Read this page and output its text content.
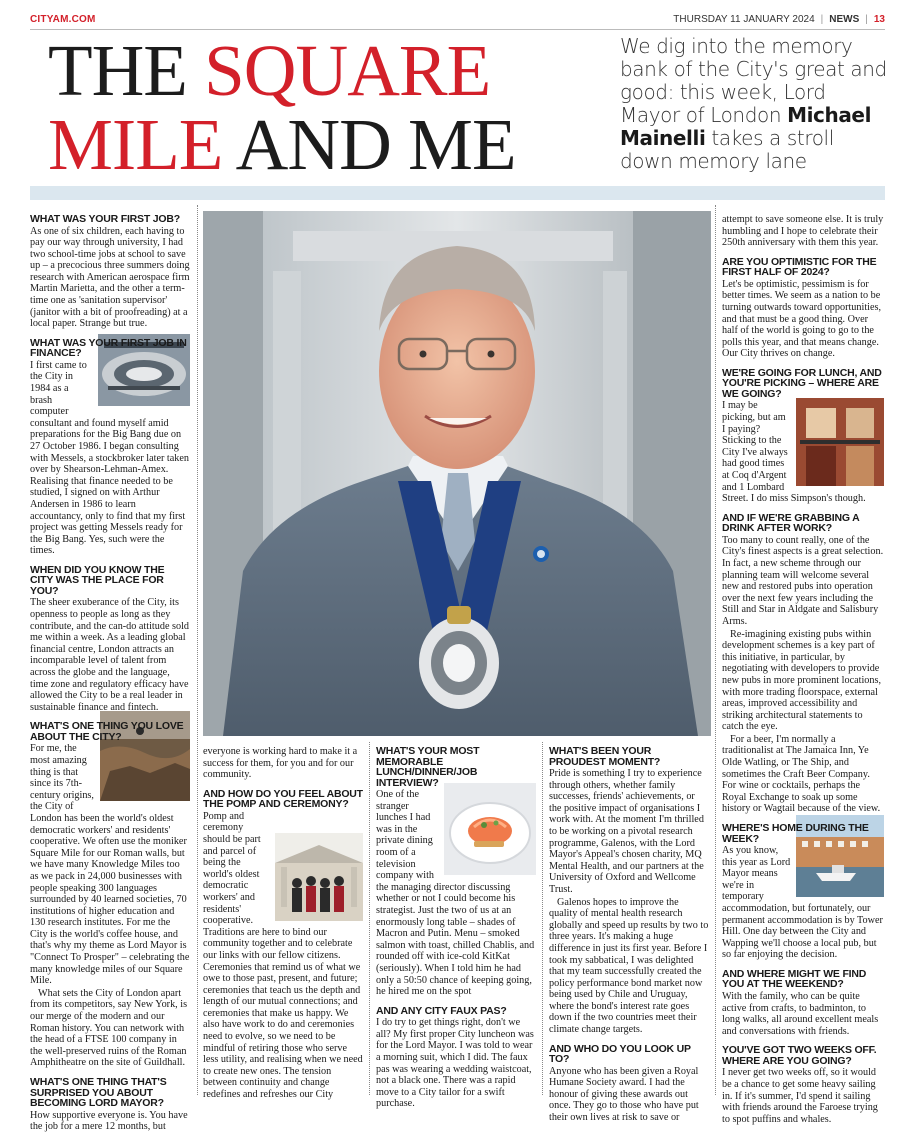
CITYAM.COM	THURSDAY 11 JANUARY 2024 | NEWS | 13
THE SQUARE
MILE AND ME
We dig into the memory bank of the City's great and good: this week, Lord Mayor of London Michael Mainelli takes a stroll down memory lane
WHAT WAS YOUR FIRST JOB?
As one of six children, each having to pay our way through university, I had two school-time jobs at school to save up – a precocious three summers doing research with American aerospace firm Martin Marietta, and the other a term-time one as 'sanitation supervisor' (janitor with a bit of proofreading) at a local paper. Strange but true.
WHAT WAS YOUR FIRST JOB IN FINANCE?
I first came to the City in 1984 as a brash computer consultant and found myself amid preparations for the Big Bang due on 27 October 1986. I began consulting with Messels, a stockbroker later taken over by Shearson-Lehman-Amex. Realising that finance needed to be studied, I signed on with Arthur Andersen in 1986 to learn accountancy, only to find that my first project was getting Messels ready for the Big Bang. Yes, such were the times.
WHEN DID YOU KNOW THE CITY WAS THE PLACE FOR YOU?
The sheer exuberance of the City, its openness to people as long as they contribute, and the can-do attitude sold me within a week. As a leading global financial centre, London attracts an incomparable level of talent from across the globe and the language, time zone and regulatory efficacy have allowed the City to be a real leader in sustainable finance and fintech.
WHAT'S ONE THING YOU LOVE ABOUT THE CITY?
For me, the most amazing thing is that since its 7th-century origins, the City of London has been the world's oldest democratic workers' and residents' cooperative. We often use the moniker Square Mile for our Roman walls, but we have many Knowledge Miles too as we pack in 24,000 businesses with people speaking 300 languages surrounded by 40 learned societies, 70 institutions of higher education and 130 research institutes. For me the City is the world's coffee house, and that's why my theme as Lord Mayor is "Connect To Prosper" – celebrating the many knowledge miles of our Square Mile.
What sets the City of London apart from its competitors, say New York, is our merge of the modern and our Roman history. You can network with the head of a FTSE 100 company in the well-preserved ruins of the Roman Amphitheatre on the site of Guildhall.
WHAT'S ONE THING THAT'S SURPRISED YOU ABOUT BECOMING LORD MAYOR?
How supportive everyone is. You have the job for a mere 12 months, but
everyone is working hard to make it a success for them, for you and for our community.
AND HOW DO YOU FEEL ABOUT THE POMP AND CEREMONY?
Pomp and ceremony should be part and parcel of being the world's oldest democratic workers' and residents' cooperative. Traditions are here to bind our community together and to celebrate our links with our fellow citizens. Ceremonies that remind us of what we owe to those past, present, and future; ceremonies that teach us the depth and length of our mutual connections; and ceremonies that make us happy. We also have work to do and ceremonies need to evolve, so we need to be mindful of retiring those who serve less utility, and realising when we need to create new ones. The tension between continuity and change redefines and refreshes our City
WHAT'S YOUR MOST MEMORABLE LUNCH/DINNER/JOB INTERVIEW?
One of the stranger lunches I had was in the private dining room of a television company with the managing director discussing whether or not I could become his strategist. Just the two of us at an enormously long table – shades of Macron and Putin. Menu – smoked salmon with toast, chilled Chablis, and rounded off with ice-cold KitKat (seriously). When I told him he had only a 50:50 chance of keeping going, he hired me on the spot
AND ANY CITY FAUX PAS?
I do try to get things right, don't we all? My first proper City luncheon was for the Lord Mayor. I was told to wear a morning suit, which I did. The faux pas was wearing a wedding waistcoat, not a black one. There was a rapid move to a City tailor for a swift purchase.
WHAT'S BEEN YOUR PROUDEST MOMENT?
Pride is something I try to experience through others, whether family successes, friends' achievements, or the positive impact of organisations I work with. At the moment I'm thrilled to be working on a pivotal research programme, Galenos, with the Lord Mayor's Appeal's chosen charity, MQ Mental Health, and our partners at the University of Oxford and Wellcome Trust.
Galenos hopes to improve the quality of mental health research globally and speed up results by two to three years. It's making a huge difference in just its first year. Before I took my sabbatical, I was delighted that my team successfully created the policy performance bond market now being used by Chile and Uruguay, where the bond's interest rate goes down if the two countries meet their climate change targets.
AND WHO DO YOU LOOK UP TO?
Anyone who has been given a Royal Humane Society award. I had the honour of giving these awards out once. They go to those who have put their own lives at risk to save or
attempt to save someone else. It is truly humbling and I hope to celebrate their 250th anniversary with them this year.
ARE YOU OPTIMISTIC FOR THE FIRST HALF OF 2024?
Let's be optimistic, pessimism is for better times. We seem as a nation to be turning outwards toward opportunities, and that must be a good thing. Over half of the world is going to go to the polls this year, and that means change. Our City thrives on change.
WE'RE GOING FOR LUNCH, AND YOU'RE PICKING – WHERE ARE WE GOING?
I may be picking, but am I paying? Sticking to the City I've always had good times at Coq d'Argent and 1 Lombard Street. I do miss Simpson's though.
AND IF WE'RE GRABBING A DRINK AFTER WORK?
Too many to count really, one of the City's finest aspects is a great selection. In fact, a new scheme through our planning team will welcome several new and restored pubs into operation over the next few years including the Still and Star in Aldgate and Salisbury Arms.
Re-imagining existing pubs within development schemes is a key part of this initiative, in particular, by negotiating with developers to provide new pubs in more prominent locations, with more trading floorspace, external areas, improved accessibility and striking architectural statements to catch the eye.
For a beer, I'm normally a traditionalist at The Jamaica Inn, Ye Olde Watling, or The Ship, and sometimes the Craft Beer Company. For wine or cocktails, perhaps the Royal Exchange to soak up some history or Wagtail because of the view.
WHERE'S HOME DURING THE WEEK?
As you know, this year as Lord Mayor means we're in temporary accommodation, but fortunately, our permanent accommodation is by Tower Hill. One day between the City and Wapping we'll choose a local pub, but so far enjoying the decision.
AND WHERE MIGHT WE FIND YOU AT THE WEEKEND?
With the family, who can be quite active from crafts, to badminton, to long walks, all around excellent meals and conversations with friends.
YOU'VE GOT TWO WEEKS OFF. WHERE ARE YOU GOING?
I never get two weeks off, so it would be a chance to get some heavy sailing in. If it's summer, I'd spend it sailing with friends around the Faroese trying to spot puffins and whales.
